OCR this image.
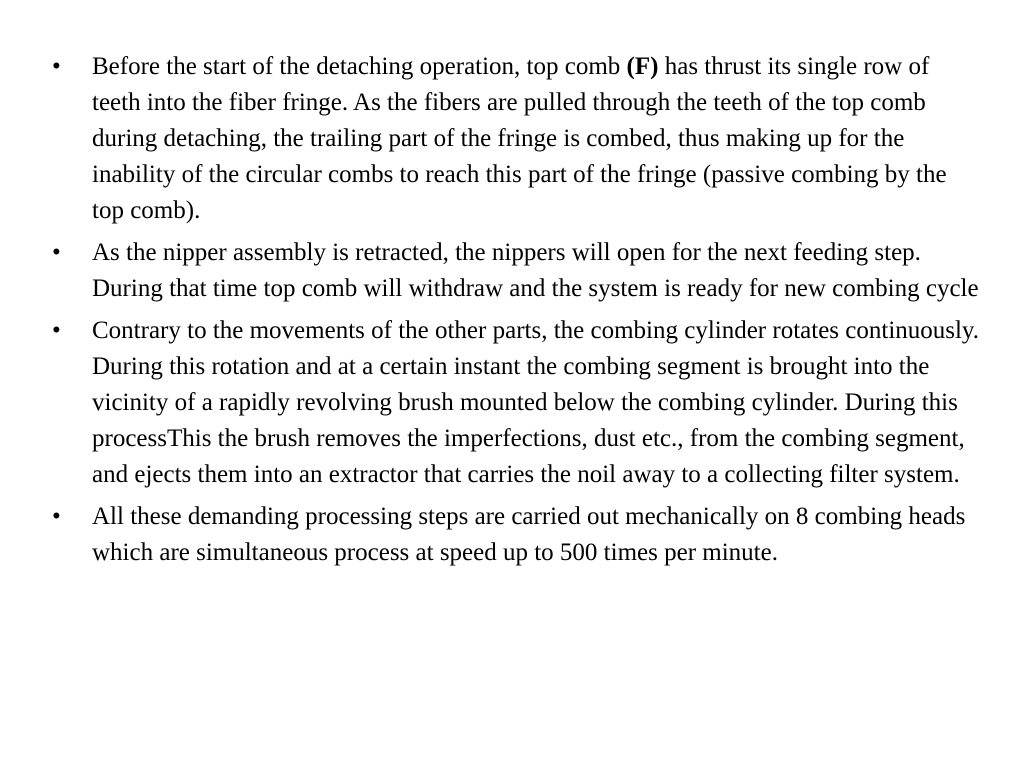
•	Before the start of the detaching operation, top comb (F) has thrust its single row of teeth into the fiber fringe. As the fibers are pulled through the teeth of the top comb during detaching, the trailing part of the fringe is combed, thus making up for the inability of the circular combs to reach this part of the fringe (passive combing by the top comb).
•	As the nipper assembly is retracted, the nippers will open for the next feeding step. During that time top comb will withdraw and the system is ready for new combing cycle
•	Contrary to the movements of the other parts, the combing cylinder rotates continuously. During this rotation and at a certain instant the combing segment is brought into the vicinity of a rapidly revolving brush mounted below the combing cylinder. During this processThis the brush removes the imperfections, dust etc., from the combing segment, and ejects them into an extractor that carries the noil away to a collecting filter system.
•	All these demanding processing steps are carried out mechanically on 8 combing heads which are simultaneous process at speed up to 500 times per minute.
